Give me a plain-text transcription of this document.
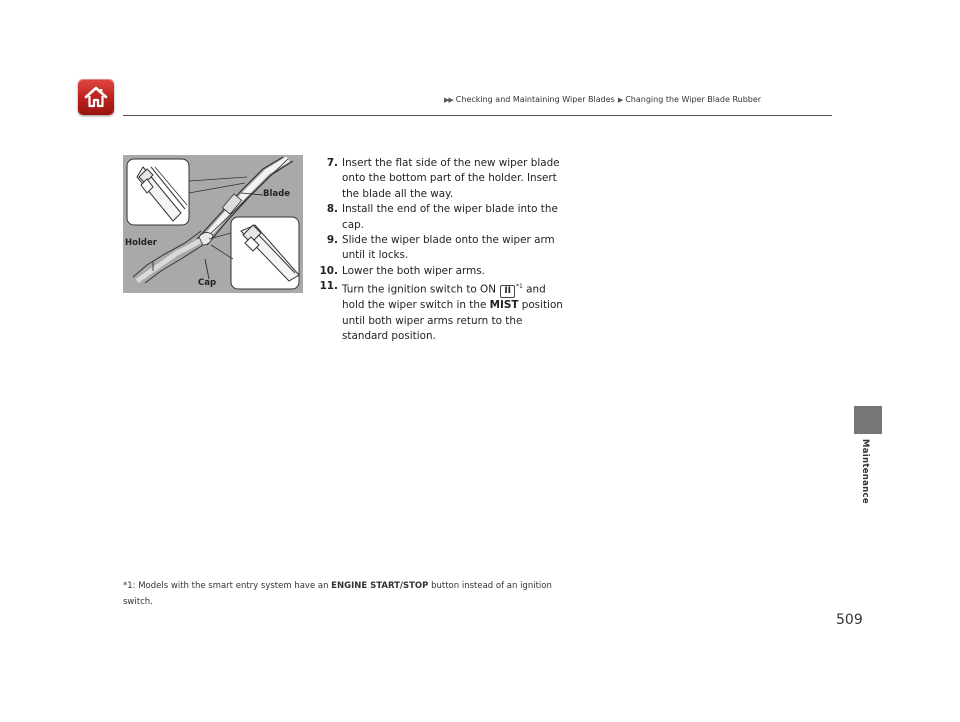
▶▶ Checking and Maintaining Wiper Blades ▶ Changing the Wiper Blade Rubber
Blade
Holder
Cap
7. Insert the flat side of the new wiper blade onto the bottom part of the holder. Insert the blade all the way.
8. Install the end of the wiper blade into the cap.
9. Slide the wiper blade onto the wiper arm until it locks.
10. Lower the both wiper arms.
11. Turn the ignition switch to ON II $^{*1}$ and hold the wiper switch in the MIST position until both wiper arms return to the standard position.
*1: Models with the smart entry system have an ENGINE START/STOP button instead of an ignition switch.
Maintenance
509
